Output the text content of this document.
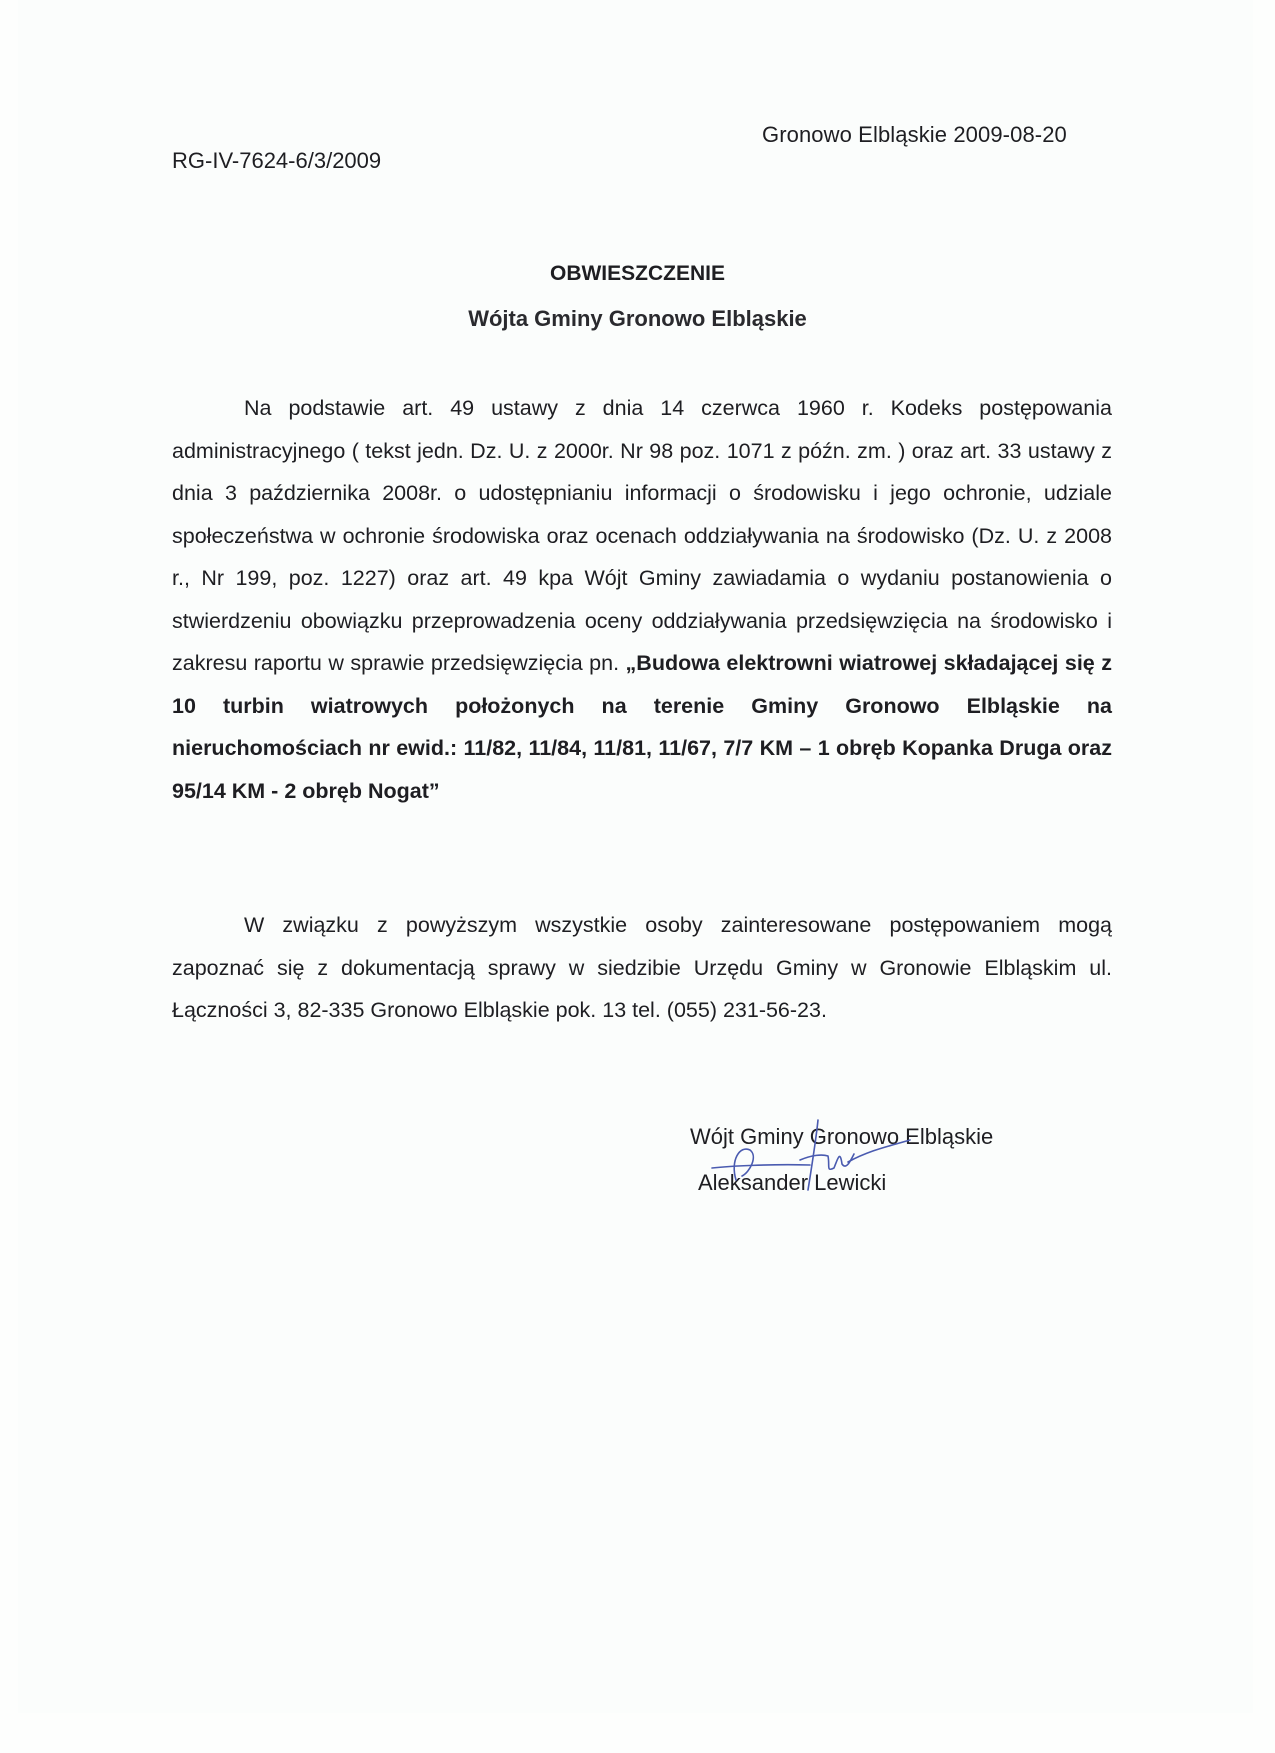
Gronowo Elbląskie 2009-08-20
RG-IV-7624-6/3/2009
OBWIESZCZENIE
Wójta Gminy Gronowo Elbląskie
Na podstawie art. 49 ustawy z dnia 14 czerwca 1960 r. Kodeks postępowania administracyjnego ( tekst jedn. Dz. U. z 2000r. Nr 98 poz. 1071 z późn. zm. ) oraz art. 33 ustawy z dnia 3 października 2008r. o udostępnianiu informacji o środowisku i jego ochronie, udziale społeczeństwa w ochronie środowiska oraz ocenach oddziaływania na środowisko (Dz. U. z 2008 r., Nr 199, poz. 1227) oraz art. 49 kpa Wójt Gminy zawiadamia o wydaniu postanowienia o stwierdzeniu obowiązku przeprowadzenia oceny oddziaływania przedsięwzięcia na środowisko i zakresu raportu w sprawie przedsięwzięcia pn. „Budowa elektrowni wiatrowej składającej się z 10 turbin wiatrowych położonych na terenie Gminy Gronowo Elbląskie na nieruchomościach nr ewid.: 11/82, 11/84, 11/81, 11/67, 7/7 KM – 1 obręb Kopanka Druga oraz 95/14 KM - 2 obręb Nogat”
W związku z powyższym wszystkie osoby zainteresowane postępowaniem mogą zapoznać się z dokumentacją sprawy w siedzibie Urzędu Gminy w Gronowie Elbląskim ul. Łączności 3, 82-335 Gronowo Elbląskie pok. 13 tel. (055) 231-56-23.
Wójt Gminy Gronowo Elbląskie
Aleksander Lewicki
